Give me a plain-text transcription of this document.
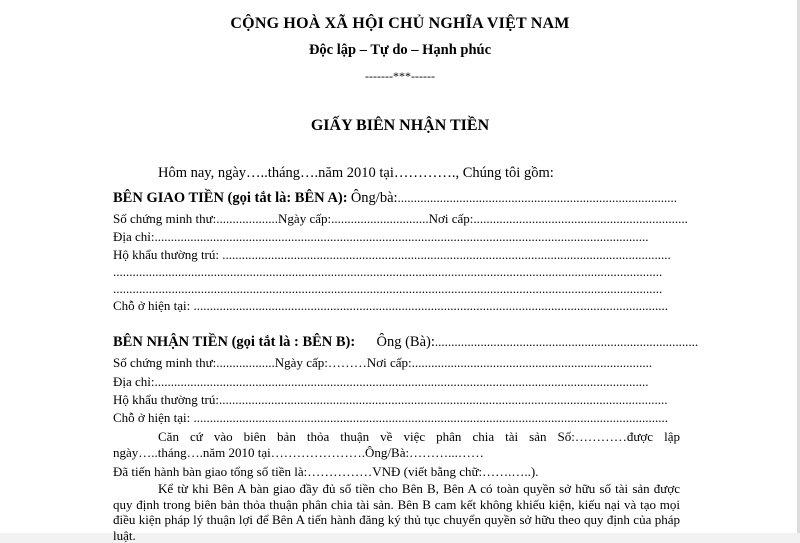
CỘNG HOÀ XÃ HỘI CHỦ NGHĨA VIỆT NAM
Độc lập – Tự do – Hạnh phúc
-------***------
GIẤY BIÊN NHẬN TIỀN
Hôm nay, ngày…..tháng….năm 2010 tại…………., Chúng tôi gồm:
BÊN GIAO TIỀN (gọi tắt là: BÊN A): Ông/bà:......................................................................................
Số chứng minh thư:...................Ngày cấp:..............................Nơi cấp:..................................................................
Địa chỉ:........................................................................................................................................................
Hộ khẩu thường trú: ..........................................................................................................................................
.........................................................................................................................................................................
.........................................................................................................................................................................
Chỗ ở hiện tại: ..................................................................................................................................................
BÊN NHẬN TIỀN (gọi tắt là : BÊN B): Ông (Bà):.................................................................................
Số chứng minh thư:..................Ngày cấp:………Nơi cấp:..........................................................................
Địa chỉ:........................................................................................................................................................
Hộ khẩu thường trú:..........................................................................................................................................
Chỗ ở hiện tại: ..................................................................................................................................................
Căn cứ vào biên bản thỏa thuận về việc phân chia tài sản Số:…………được lập
ngày…..tháng….năm 2010 tại………………….Ông/Bà:………...……
Đã tiến hành bàn giao tổng số tiền là:……………VNĐ (viết bằng chữ:…….…..).
Kể từ khi Bên A bàn giao đầy đủ số tiền cho Bên B, Bên A có toàn quyền sở hữu số tài sản được quy định trong biên bản thỏa thuận phân chia tài sản. Bên B cam kết không khiếu kiện, kiếu nại và tạo mọi điều kiện pháp lý thuận lợi để Bên A tiến hành đăng ký thủ tục chuyển quyền sở hữu theo quy định của pháp luật.
